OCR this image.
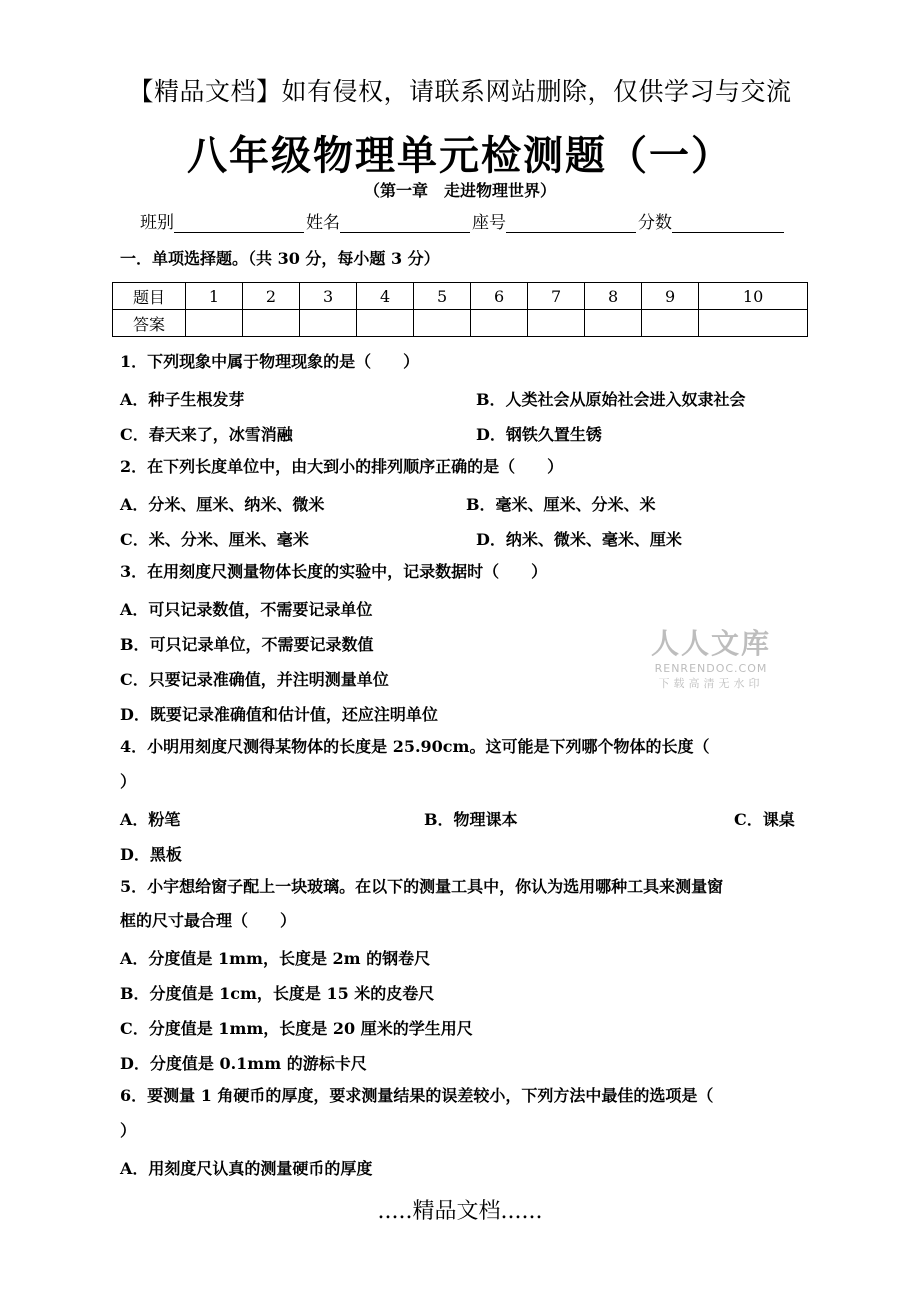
【精品文档】如有侵权，请联系网站删除，仅供学习与交流
八年级物理单元检测题（一）
（第一章　走进物理世界）
班别	姓名	座号	分数
一．单项选择题。（共 30 分，每小题 3 分）
题目	1	2	3	4	5	6	7	8	9	10
答案										
1．下列现象中属于物理现象的是（　　）
A．种子生根发芽	B．人类社会从原始社会进入奴隶社会
C．春天来了，冰雪消融	D．钢铁久置生锈
2．在下列长度单位中，由大到小的排列顺序正确的是（　　）
A．分米、厘米、纳米、微米	B．毫米、厘米、分米、米
C．米、分米、厘米、毫米	D．纳米、微米、毫米、厘米
3．在用刻度尺测量物体长度的实验中，记录数据时（　　）
A．可只记录数值，不需要记录单位
B．可只记录单位，不需要记录数值
C．只要记录准确值，并注明测量单位
D．既要记录准确值和估计值，还应注明单位
4．小明用刻度尺测得某物体的长度是 25.90cm。这可能是下列哪个物体的长度（
）
A．粉笔	B．物理课本	C．课桌
D．黑板
5．小宇想给窗子配上一块玻璃。在以下的测量工具中，你认为选用哪种工具来测量窗
框的尺寸最合理（　　）
A．分度值是 1mm，长度是 2m 的钢卷尺
B．分度值是 1cm，长度是 15 米的皮卷尺
C．分度值是 1mm，长度是 20 厘米的学生用尺
D．分度值是 0.1mm 的游标卡尺
6．要测量 1 角硬币的厚度，要求测量结果的误差较小，下列方法中最佳的选项是（
）
A．用刻度尺认真的测量硬币的厚度
人人文库
RENRENDOC.COM
下载高清无水印
.....精品文档......
